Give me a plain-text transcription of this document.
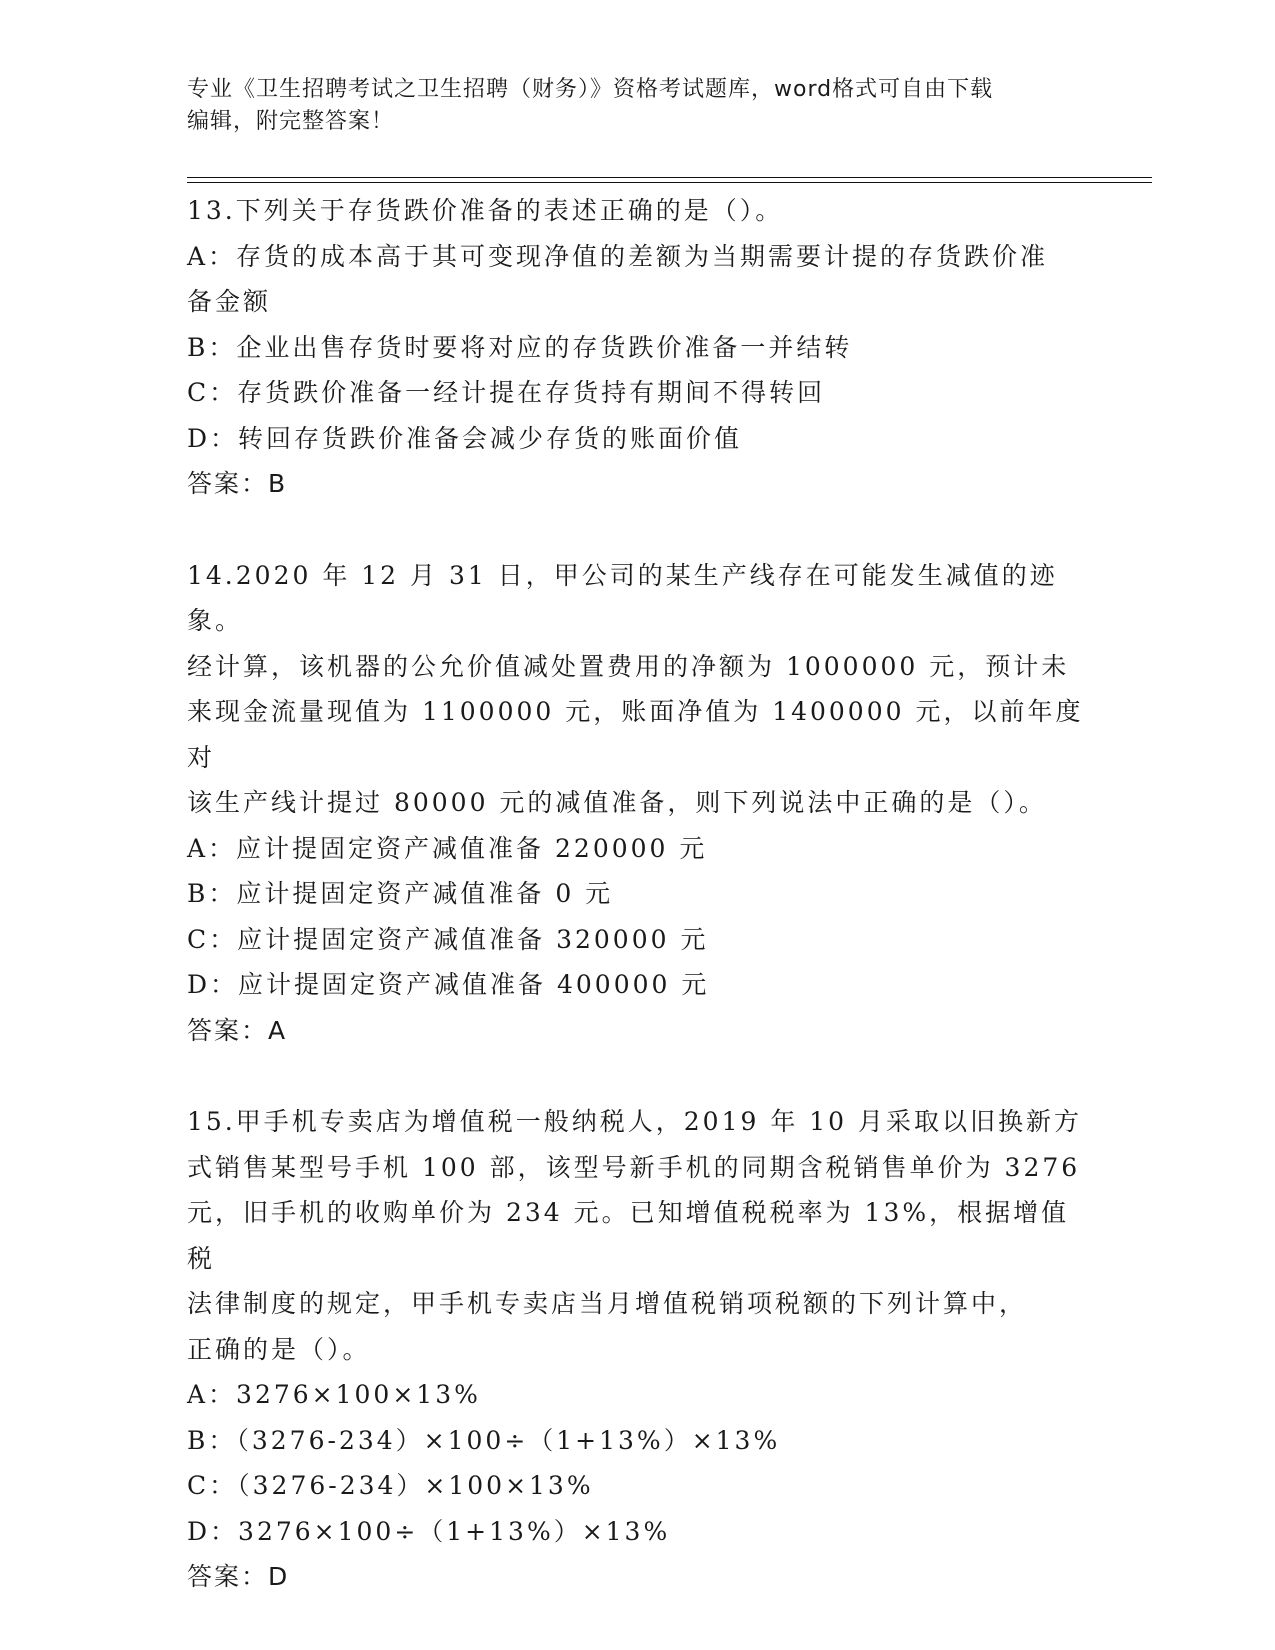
专业《卫生招聘考试之卫生招聘（财务）》资格考试题库，word格式可自由下载
编辑，附完整答案！
13.下列关于存货跌价准备的表述正确的是（）。
A：存货的成本高于其可变现净值的差额为当期需要计提的存货跌价准
备金额
B：企业出售存货时要将对应的存货跌价准备一并结转
C：存货跌价准备一经计提在存货持有期间不得转回
D：转回存货跌价准备会减少存货的账面价值
答案：B
14.2020 年 12 月 31 日，甲公司的某生产线存在可能发生减值的迹象。
经计算，该机器的公允价值减处置费用的净额为 1000000 元，预计未
来现金流量现值为 1100000 元，账面净值为 1400000 元，以前年度对
该生产线计提过 80000 元的减值准备，则下列说法中正确的是（）。
A：应计提固定资产减值准备 220000 元
B：应计提固定资产减值准备 0 元
C：应计提固定资产减值准备 320000 元
D：应计提固定资产减值准备 400000 元
答案：A
15.甲手机专卖店为增值税一般纳税人，2019 年 10 月采取以旧换新方
式销售某型号手机 100 部，该型号新手机的同期含税销售单价为 3276
元，旧手机的收购单价为 234 元。已知增值税税率为 13%，根据增值税
法律制度的规定，甲手机专卖店当月增值税销项税额的下列计算中，
正确的是（）。
A：3276×100×13%
B：（3276-234）×100÷（1+13%）×13%
C：（3276-234）×100×13%
D：3276×100÷（1+13%）×13%
答案：D
